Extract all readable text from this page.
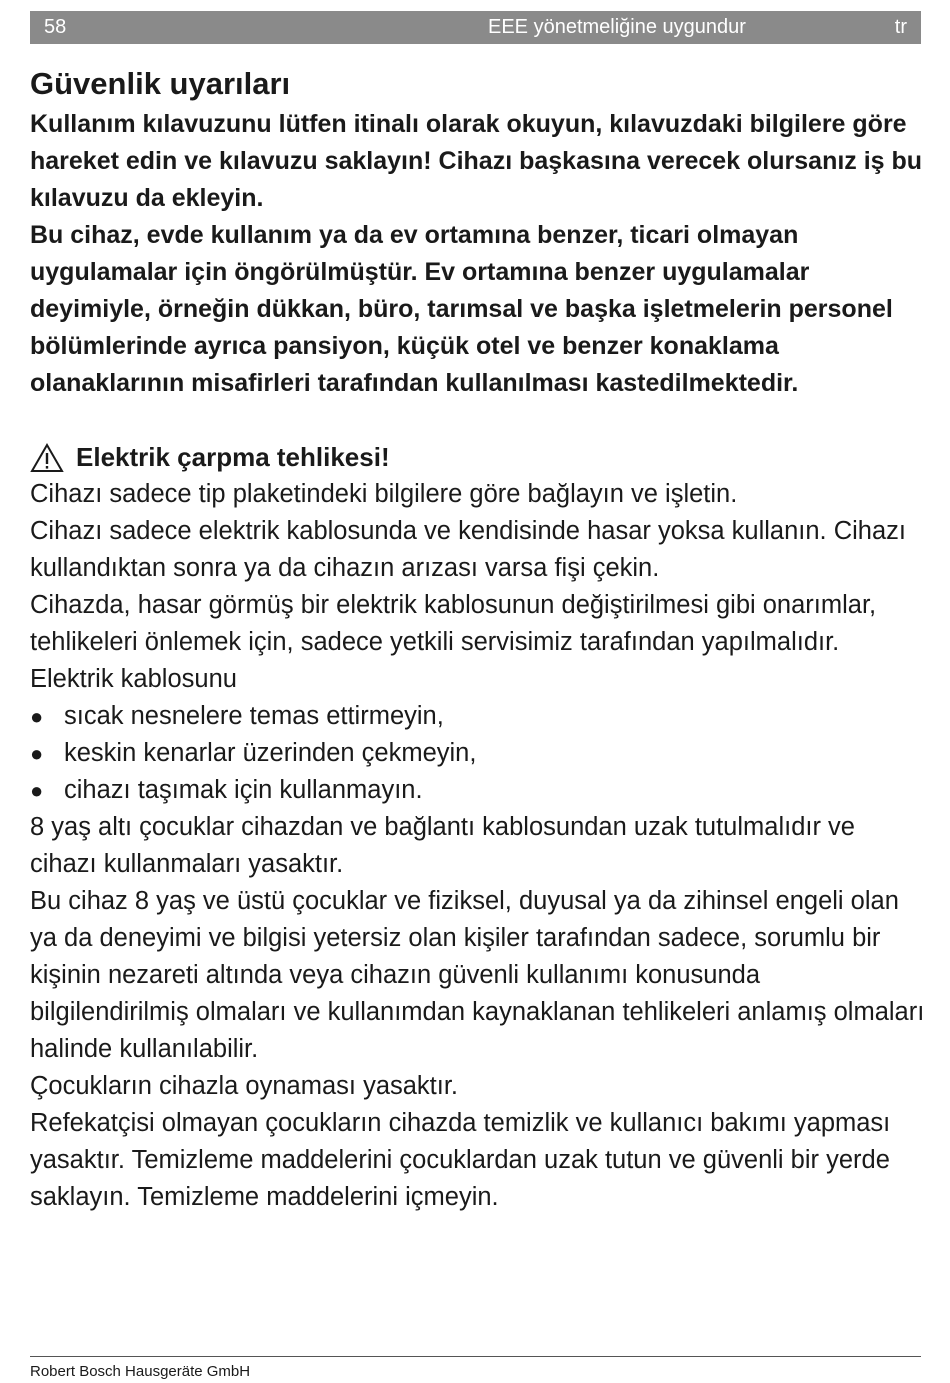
58	EEE yönetmeliğine uygundur	tr
Güvenlik uyarıları

Kullanım kılavuzunu lütfen itinalı olarak okuyun, kılavuzdaki bilgilere göre hareket edin ve kılavuzu saklayın! Cihazı başkasına verecek olursanız iş bu kılavuzu da ekleyin.

Bu cihaz, evde kullanım ya da ev ortamına benzer, ticari olmayan uygulamalar için öngörülmüştür. Ev ortamına benzer uygulamalar deyimiyle, örneğin dükkan, büro, tarımsal ve başka işletmelerin personel bölümlerinde ayrıca pansiyon, küçük otel ve benzer konaklama olanaklarının misafirleri tarafından kullanılması kastedilmektedir.

Elektrik çarpma tehlikesi!

Cihazı sadece tip plaketindeki bilgilere göre bağlayın ve işletin.

Cihazı sadece elektrik kablosunda ve kendisinde hasar yoksa kullanın. Cihazı kullandıktan sonra ya da cihazın arızası varsa fişi çekin.

Cihazda, hasar görmüş bir elektrik kablosunun değiştirilmesi gibi onarımlar, tehlikeleri önlemek için, sadece yetkili servisimiz tarafından yapılmalıdır.

Elektrik kablosunu

● sıcak nesnelere temas ettirmeyin,
● keskin kenarlar üzerinden çekmeyin,
● cihazı taşımak için kullanmayın.

8 yaş altı çocuklar cihazdan ve bağlantı kablosundan uzak tutulmalıdır ve cihazı kullanmaları yasaktır.

Bu cihaz 8 yaş ve üstü çocuklar ve fiziksel, duyusal ya da zihinsel engeli olan ya da deneyimi ve bilgisi yetersiz olan kişiler tarafından sadece, sorumlu bir kişinin nezareti altında veya cihazın güvenli kullanımı konusunda bilgilendirilmiş olmaları ve kullanımdan kaynaklanan tehlikeleri anlamış olmaları halinde kullanılabilir.

Çocukların cihazla oynaması yasaktır.

Refekatçisi olmayan çocukların cihazda temizlik ve kullanıcı bakımı yapması yasaktır. Temizleme maddelerini çocuklardan uzak tutun ve güvenli bir yerde saklayın. Temizleme maddelerini içmeyin.

Robert Bosch Hausgeräte GmbH
